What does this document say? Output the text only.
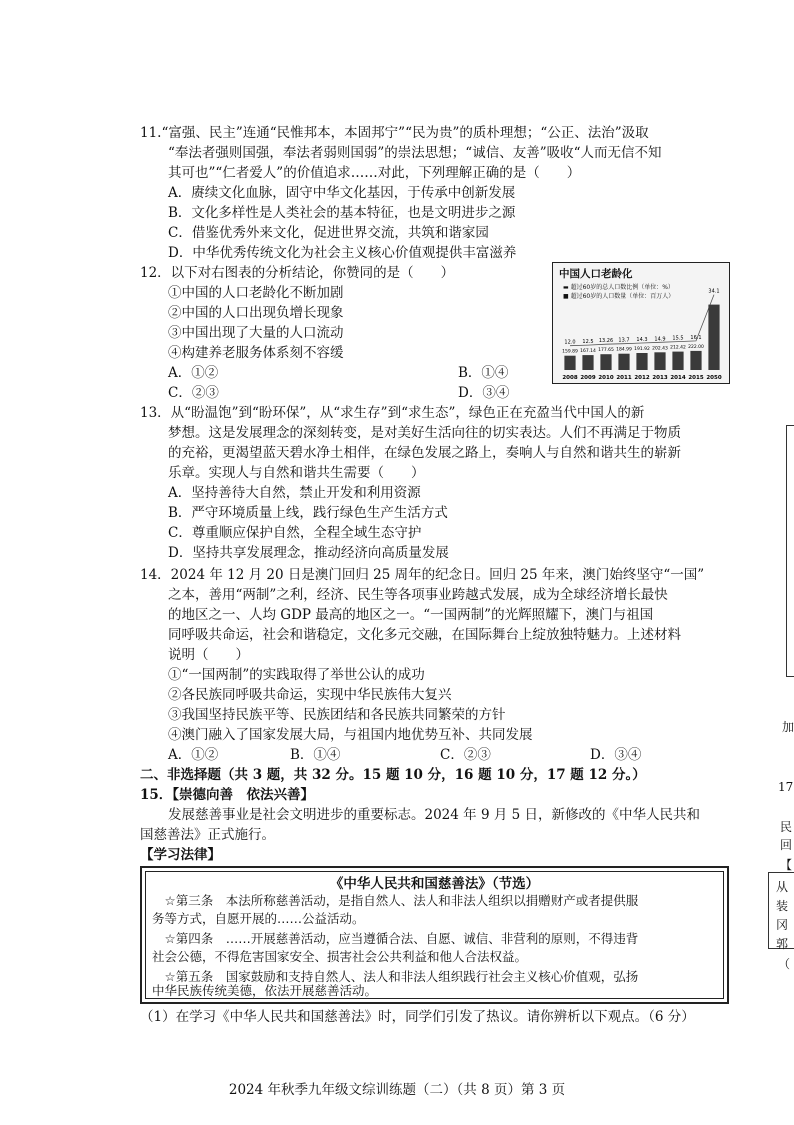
11.“富强、民主”连通“民惟邦本，本固邦宁”“民为贵”的质朴理想；“公正、法治”汲取
“奉法者强则国强，奉法者弱则国弱”的崇法思想；“诚信、友善”吸收“人而无信不知
其可也”“仁者爱人”的价值追求……对此，下列理解正确的是（　　）
A．赓续文化血脉，固守中华文化基因，于传承中创新发展
B．文化多样性是人类社会的基本特征，也是文明进步之源
C．借鉴优秀外来文化，促进世界交流，共筑和谐家园
D．中华优秀传统文化为社会主义核心价值观提供丰富滋养
12．以下对右图表的分析结论，你赞同的是（　　）
①中国的人口老龄化不断加剧
②中国的人口出现负增长现象
③中国出现了大量的人口流动
④构建养老服务体系刻不容缓
A．①②	B．①④
C．②③	D．③④
2008
12.0
159.89
2009
12.5
167.14
2010
13.26
177.65
2011
13.7
184.99
2012
14.3
191.92
2013
14.9
202.43
2014
15.5
212.42
2015
16.1
222.00
2050
34.1
中国人口老龄化
▬ 超过60岁的总人口数比例（单位：%）
■ 超过60岁的人口数量（单位：百万人）
13．从“盼温饱”到“盼环保”，从“求生存”到“求生态”，绿色正在充盈当代中国人的新
梦想。这是发展理念的深刻转变，是对美好生活向往的切实表达。人们不再满足于物质
的充裕，更渴望蓝天碧水净土相伴，在绿色发展之路上，奏响人与自然和谐共生的崭新
乐章。实现人与自然和谐共生需要（　　）
A．坚持善待大自然，禁止开发和利用资源
B．严守环境质量上线，践行绿色生产生活方式
C．尊重顺应保护自然，全程全域生态守护
D．坚持共享发展理念，推动经济向高质量发展
14．2024 年 12 月 20 日是澳门回归 25 周年的纪念日。回归 25 年来，澳门始终坚守“一国”
之本，善用“两制”之利，经济、民生等各项事业跨越式发展，成为全球经济增长最快
的地区之一、人均 GDP 最高的地区之一。“一国两制”的光辉照耀下，澳门与祖国
同呼吸共命运，社会和谐稳定，文化多元交融，在国际舞台上绽放独特魅力。上述材料
说明（　　）
①“一国两制”的实践取得了举世公认的成功
②各民族同呼吸共命运，实现中华民族伟大复兴
③我国坚持民族平等、民族团结和各民族共同繁荣的方针
④澳门融入了国家发展大局，与祖国内地优势互补、共同发展
A．①②	B．①④	C．②③	D．③④
二、非选择题（共 3 题，共 32 分。15 题 10 分，16 题 10 分，17 题 12 分。）
15．【崇德向善　依法兴善】
发展慈善事业是社会文明进步的重要标志。2024 年 9 月 5 日，新修改的《中华人民共和
国慈善法》正式施行。
【学习法律】
《中华人民共和国慈善法》（节选）
　☆第三条　本法所称慈善活动，是指自然人、法人和非法人组织以捐赠财产或者提供服
务等方式，自愿开展的……公益活动。
　☆第四条　……开展慈善活动，应当遵循合法、自愿、诚信、非营利的原则，不得违背
社会公德，不得危害国家安全、损害社会公共利益和他人合法权益。
　☆第五条　国家鼓励和支持自然人、法人和非法人组织践行社会主义核心价值观，弘扬
中华民族传统美德，依法开展慈善活动。
（1）在学习《中华人民共和国慈善法》时，同学们引发了热议。请你辨析以下观点。（6 分）
2024 年秋季九年级文综训练题（二）（共 8 页）第 3 页
加
17
民
回
【
从
装
冈
郭
（
